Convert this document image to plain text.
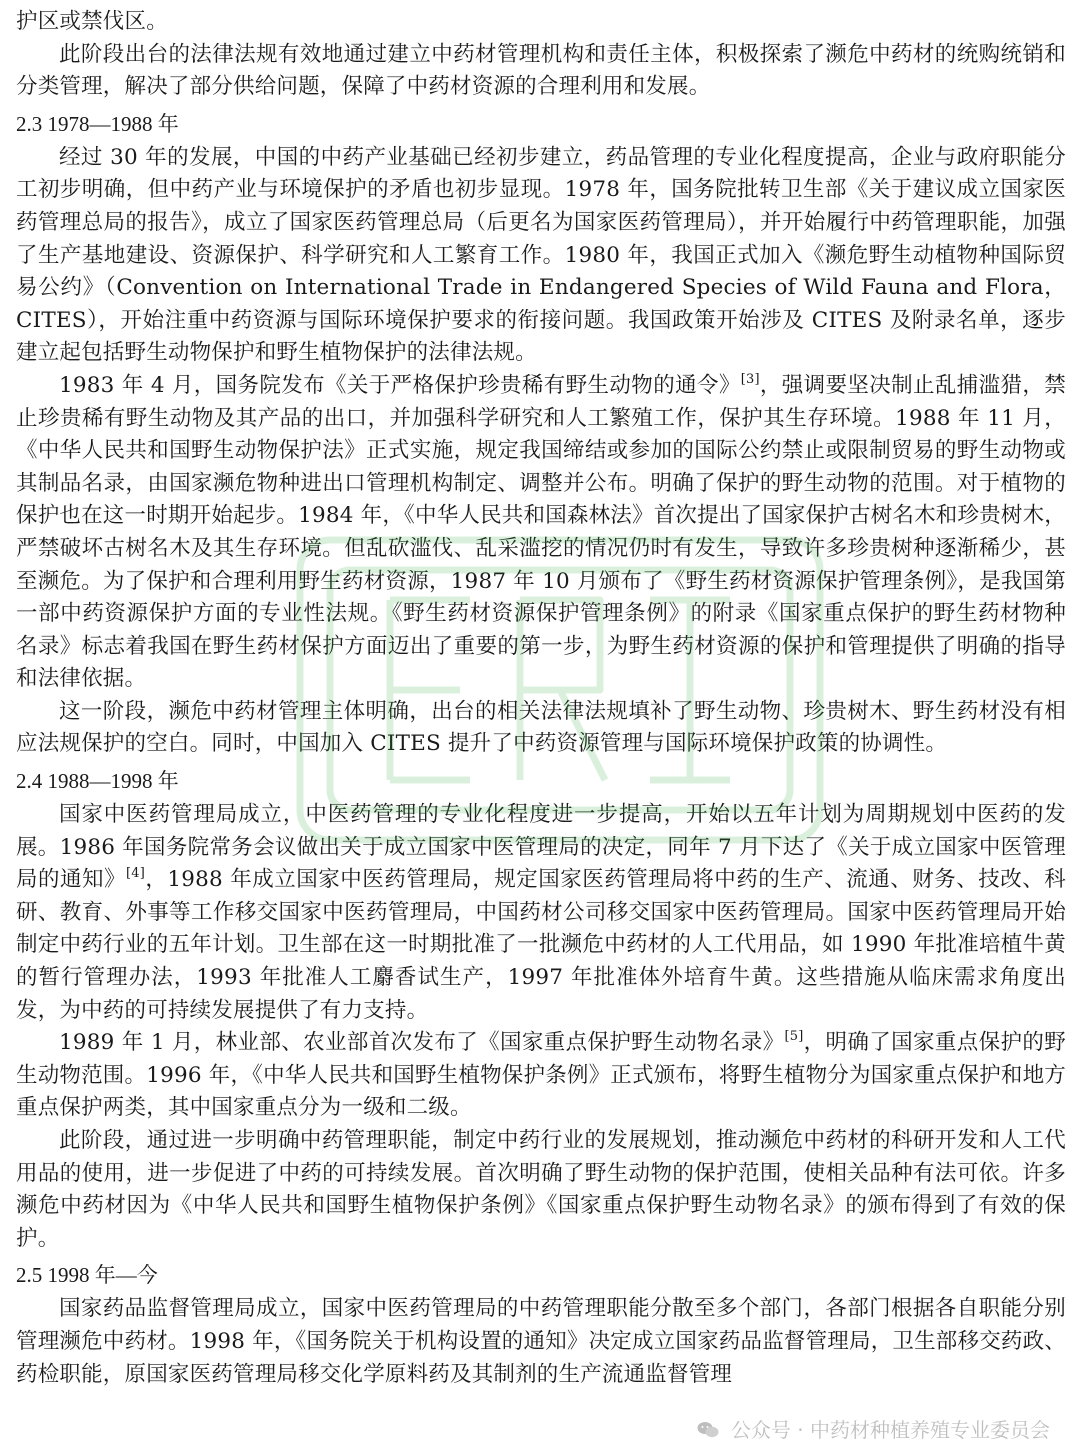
护区或禁伐区。

此阶段出台的法律法规有效地通过建立中药材管理机构和责任主体，积极探索了濒危中药材的统购统销和分类管理，解决了部分供给问题，保障了中药材资源的合理利用和发展。

2.3 1978—1988 年

经过 30 年的发展，中国的中药产业基础已经初步建立，药品管理的专业化程度提高，企业与政府职能分工初步明确，但中药产业与环境保护的矛盾也初步显现。1978 年，国务院批转卫生部《关于建议成立国家医药管理总局的报告》，成立了国家医药管理总局（后更名为国家医药管理局），并开始履行中药管理职能，加强了生产基地建设、资源保护、科学研究和人工繁育工作。1980 年，我国正式加入《濒危野生动植物种国际贸易公约》（Convention on International Trade in Endangered Species of Wild Fauna and Flora，CITES），开始注重中药资源与国际环境保护要求的衔接问题。我国政策开始涉及 CITES 及附录名单，逐步建立起包括野生动物保护和野生植物保护的法律法规。

1983 年 4 月，国务院发布《关于严格保护珍贵稀有野生动物的通令》[3]，强调要坚决制止乱捕滥猎，禁止珍贵稀有野生动物及其产品的出口，并加强科学研究和人工繁殖工作，保护其生存环境。1988 年 11 月，《中华人民共和国野生动物保护法》正式实施，规定我国缔结或参加的国际公约禁止或限制贸易的野生动物或其制品名录，由国家濒危物种进出口管理机构制定、调整并公布。明确了保护的野生动物的范围。对于植物的保护也在这一时期开始起步。1984 年，《中华人民共和国森林法》首次提出了国家保护古树名木和珍贵树木，严禁破坏古树名木及其生存环境。但乱砍滥伐、乱采滥挖的情况仍时有发生，导致许多珍贵树种逐渐稀少，甚至濒危。为了保护和合理利用野生药材资源，1987 年 10 月颁布了《野生药材资源保护管理条例》，是我国第一部中药资源保护方面的专业性法规。《野生药材资源保护管理条例》的附录《国家重点保护的野生药材物种名录》标志着我国在野生药材保护方面迈出了重要的第一步，为野生药材资源的保护和管理提供了明确的指导和法律依据。

这一阶段，濒危中药材管理主体明确，出台的相关法律法规填补了野生动物、珍贵树木、野生药材没有相应法规保护的空白。同时，中国加入 CITES 提升了中药资源管理与国际环境保护政策的协调性。

2.4 1988—1998 年

国家中医药管理局成立，中医药管理的专业化程度进一步提高，开始以五年计划为周期规划中医药的发展。1986 年国务院常务会议做出关于成立国家中医管理局的决定，同年 7 月下达了《关于成立国家中医管理局的通知》[4]，1988 年成立国家中医药管理局，规定国家医药管理局将中药的生产、流通、财务、技改、科研、教育、外事等工作移交国家中医药管理局，中国药材公司移交国家中医药管理局。国家中医药管理局开始制定中药行业的五年计划。卫生部在这一时期批准了一批濒危中药材的人工代用品，如 1990 年批准培植牛黄的暂行管理办法，1993 年批准人工麝香试生产，1997 年批准体外培育牛黄。这些措施从临床需求角度出发，为中药的可持续发展提供了有力支持。

1989 年 1 月，林业部、农业部首次发布了《国家重点保护野生动物名录》[5]，明确了国家重点保护的野生动物范围。1996 年，《中华人民共和国野生植物保护条例》正式颁布，将野生植物分为国家重点保护和地方重点保护两类，其中国家重点分为一级和二级。

此阶段，通过进一步明确中药管理职能，制定中药行业的发展规划，推动濒危中药材的科研开发和人工代用品的使用，进一步促进了中药的可持续发展。首次明确了野生动物的保护范围，使相关品种有法可依。许多濒危中药材因为《中华人民共和国野生植物保护条例》《国家重点保护野生动物名录》的颁布得到了有效的保护。

2.5 1998 年—今

国家药品监督管理局成立，国家中医药管理局的中药管理职能分散至多个部门，各部门根据各自职能分别管理濒危中药材。1998 年，《国务院关于机构设置的通知》决定成立国家药品监督管理局，卫生部移交药政、药检职能，原国家医药管理局移交化学原料药及其制剂的生产流通监督管理

公众号 · 中药材种植养殖专业委员会
